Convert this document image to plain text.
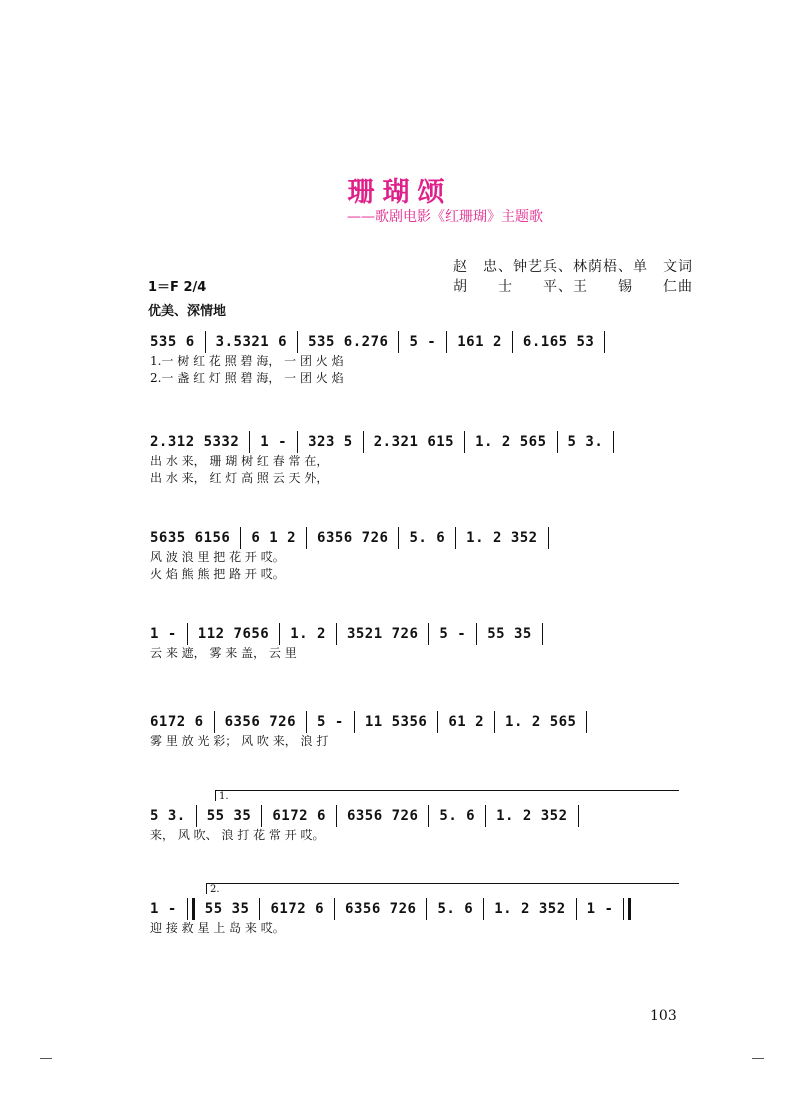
珊瑚颂
——歌剧电影《红珊瑚》主题歌
赵　忠、钟艺兵、林荫梧、单　文词
胡　　士　　平、王　　锡　　仁曲
1＝F 2/4
优美、深情地
535 6 3.5321 6 535 6.276 5 - 161 2 6.165 53
1.一 树 红 花 照 碧 海， 一 团 火 焰
2.一 盏 红 灯 照 碧 海， 一 团 火 焰
2.312 5332 1 - 323 5 2.321 615 1. 2 565 5 3.
出 水 来， 珊 瑚 树 红 春 常 在，
出 水 来， 红 灯 高 照 云 天 外，
5635 6156 6 1 2 6356 726 5. 6 1. 2 352
风 波 浪 里 把 花 开 哎。
火 焰 熊 熊 把 路 开 哎。
1 - 112 7656 1. 2 3521 726 5 - 55 35
云 来 遮， 雾 来 盖， 云 里
6172 6 6356 726 5 - 11 5356 61 2 1. 2 565
雾 里 放 光 彩； 风 吹 来， 浪 打
1.
5 3. 55 35 6172 6 6356 726 5. 6 1. 2 352
来， 风 吹、 浪 打 花 常 开 哎。
2.
1 - 55 35 6172 6 6356 726 5. 6 1. 2 352 1 -
迎 接 救 星 上 岛 来 哎。
103
